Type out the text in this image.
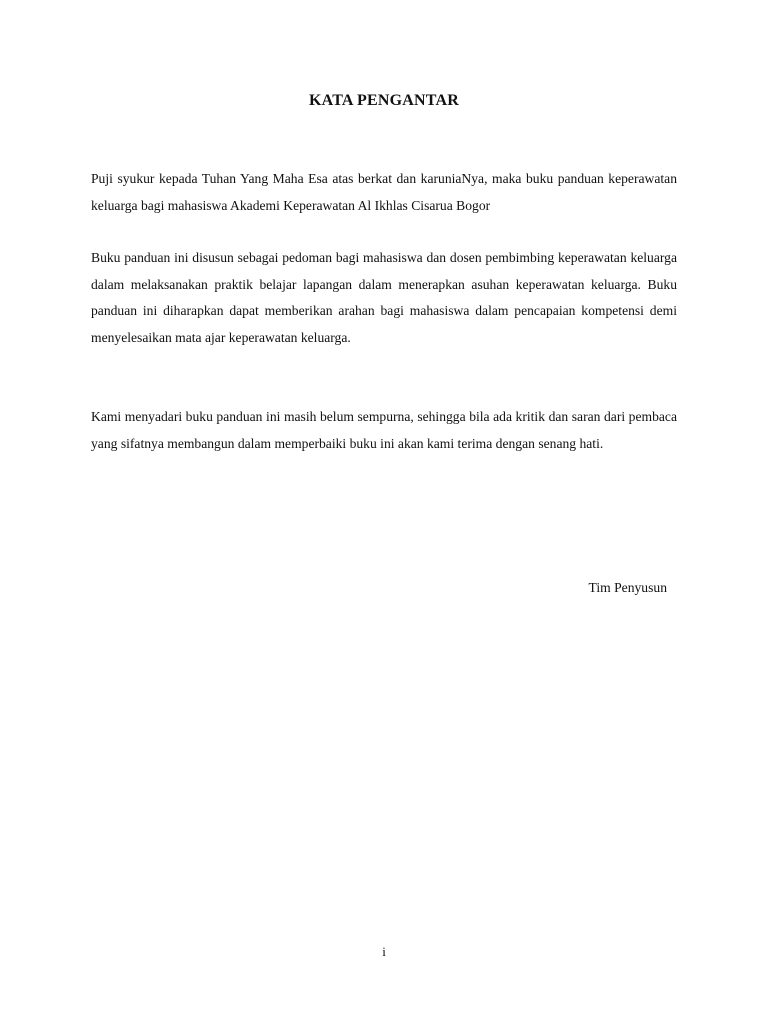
KATA PENGANTAR
Puji syukur kepada Tuhan Yang Maha Esa atas berkat dan karuniaNya, maka buku panduan keperawatan keluarga bagi mahasiswa Akademi Keperawatan Al Ikhlas Cisarua Bogor
Buku panduan ini disusun sebagai pedoman bagi mahasiswa dan dosen pembimbing keperawatan keluarga dalam melaksanakan praktik belajar lapangan dalam menerapkan asuhan keperawatan keluarga. Buku panduan ini diharapkan dapat memberikan arahan bagi mahasiswa dalam pencapaian kompetensi demi menyelesaikan mata ajar keperawatan keluarga.
Kami menyadari buku panduan ini masih belum sempurna, sehingga bila ada kritik dan saran dari pembaca yang sifatnya membangun dalam memperbaiki buku ini akan kami terima dengan senang hati.
Tim Penyusun
i
